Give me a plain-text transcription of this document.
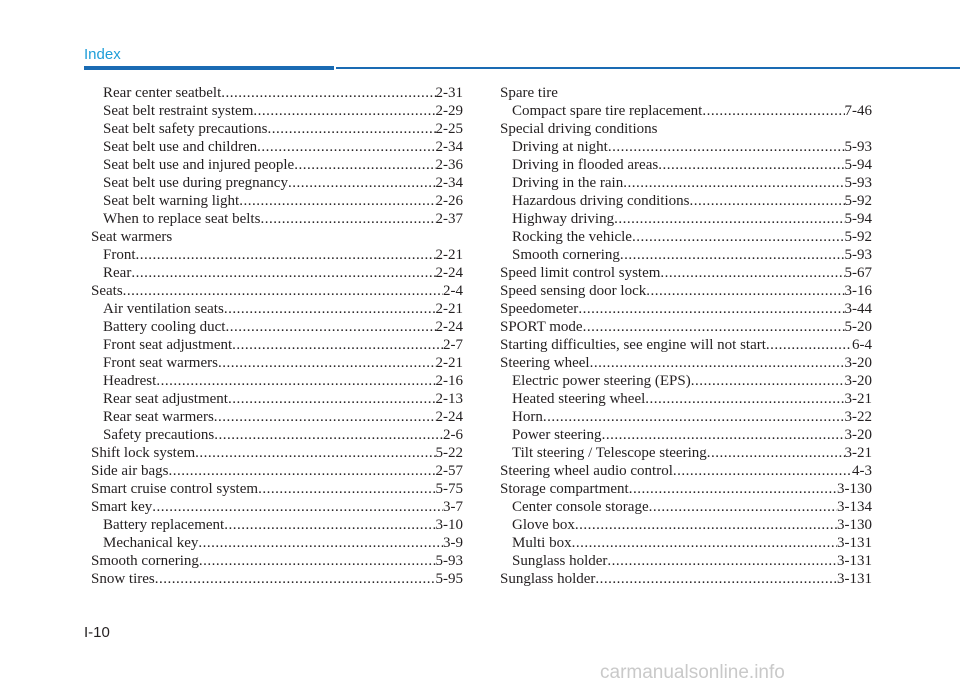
Index
Rear center seatbelt .....	2-31
Seat belt restraint system .....	2-29
Seat belt safety precautions .....	2-25
Seat belt use and children .....	2-34
Seat belt use and injured people .....	2-36
Seat belt use during pregnancy .....	2-34
Seat belt warning light .....	2-26
When to replace seat belts .....	2-37
Seat warmers
Front .....	2-21
Rear .....	2-24
Seats .....	2-4
Air ventilation seats .....	2-21
Battery cooling duct .....	2-24
Front seat adjustment .....	2-7
Front seat warmers .....	2-21
Headrest .....	2-16
Rear seat adjustment .....	2-13
Rear seat warmers .....	2-24
Safety precautions .....	2-6
Shift lock system .....	5-22
Side air bags .....	2-57
Smart cruise control system .....	5-75
Smart key .....	3-7
Battery replacement .....	3-10
Mechanical key .....	3-9
Smooth cornering .....	5-93
Snow tires .....	5-95
Spare tire
Compact spare tire replacement .....	7-46
Special driving conditions
Driving at night .....	5-93
Driving in flooded areas .....	5-94
Driving in the rain .....	5-93
Hazardous driving conditions .....	5-92
Highway driving .....	5-94
Rocking the vehicle .....	5-92
Smooth cornering .....	5-93
Speed limit control system .....	5-67
Speed sensing door lock .....	3-16
Speedometer .....	3-44
SPORT mode .....	5-20
Starting difficulties, see engine will not start .....	6-4
Steering wheel .....	3-20
Electric power steering (EPS) .....	3-20
Heated steering wheel .....	3-21
Horn .....	3-22
Power steering .....	3-20
Tilt steering / Telescope steering .....	3-21
Steering wheel audio control .....	4-3
Storage compartment .....	3-130
Center console storage .....	3-134
Glove box .....	3-130
Multi box .....	3-131
Sunglass holder .....	3-131
Sunglass holder .....	3-131
I-10
carmanualsonline.info
